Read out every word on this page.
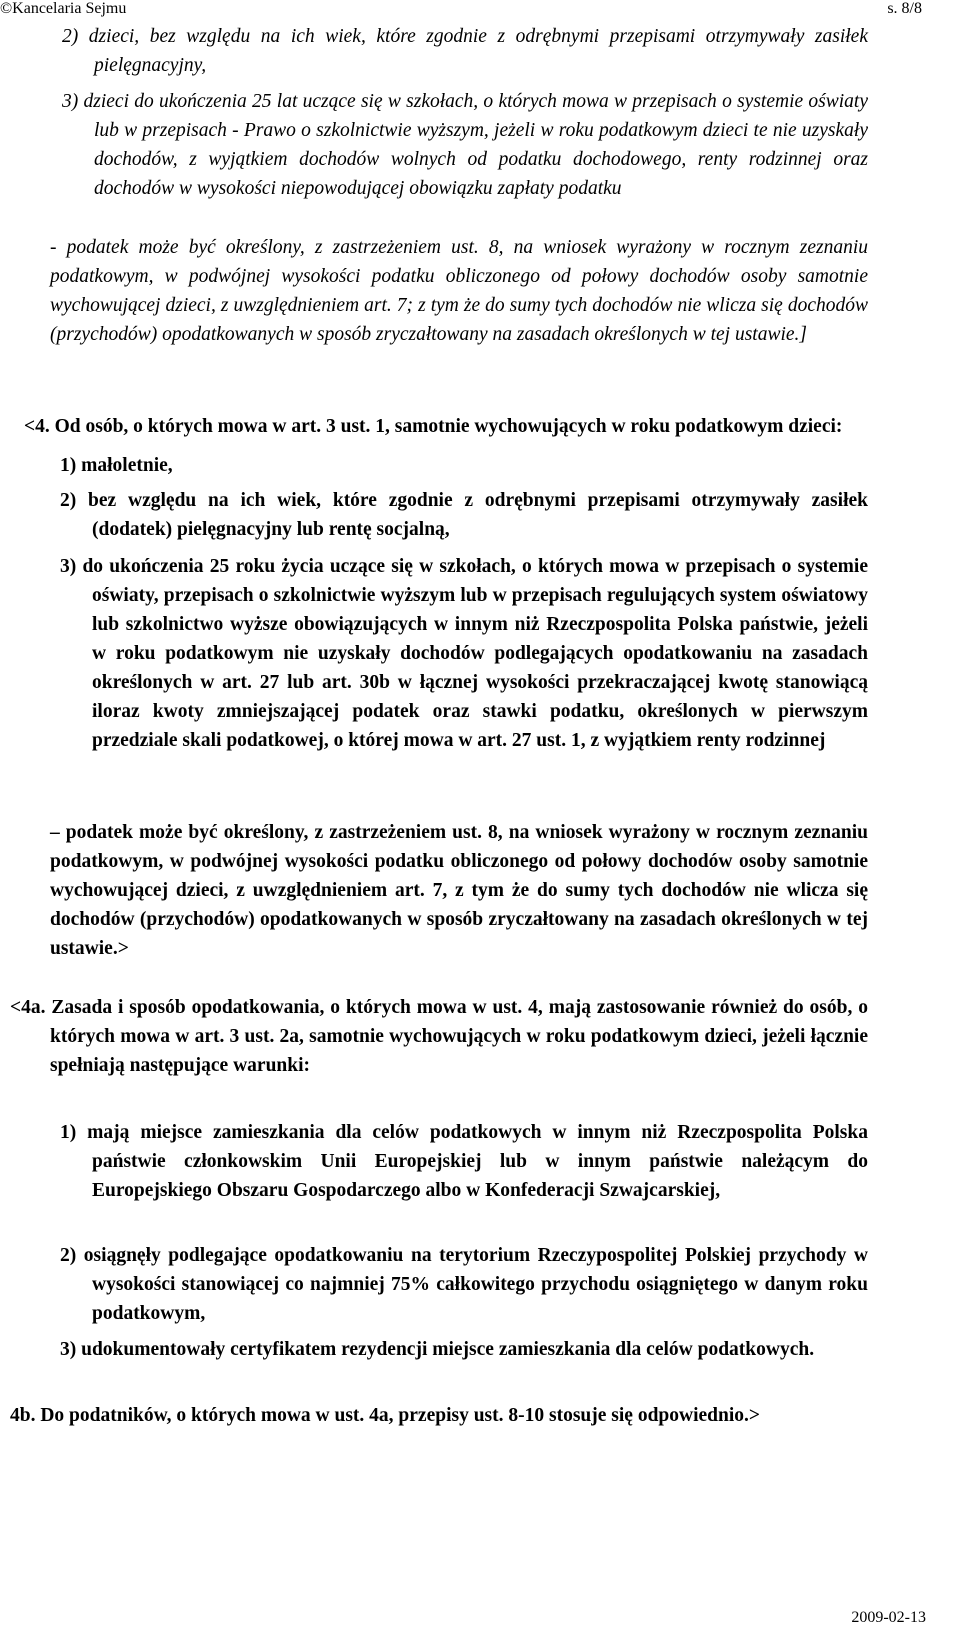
©Kancelaria Sejmu	s. 8/8
2) dzieci, bez względu na ich wiek, które zgodnie z odrębnymi przepisami otrzymywały zasiłek pielęgnacyjny,
3) dzieci do ukończenia 25 lat uczące się w szkołach, o których mowa w przepisach o systemie oświaty lub w przepisach - Prawo o szkolnictwie wyższym, jeżeli w roku podatkowym dzieci te nie uzyskały dochodów, z wyjątkiem dochodów wolnych od podatku dochodowego, renty rodzinnej oraz dochodów w wysokości niepowodującej obowiązku zapłaty podatku
- podatek może być określony, z zastrzeżeniem ust. 8, na wniosek wyrażony w rocznym zeznaniu podatkowym, w podwójnej wysokości podatku obliczonego od połowy dochodów osoby samotnie wychowującej dzieci, z uwzględnieniem art. 7; z tym że do sumy tych dochodów nie wlicza się dochodów (przychodów) opodatkowanych w sposób zryczałtowany na zasadach określonych w tej ustawie.]
<4. Od osób, o których mowa w art. 3 ust. 1, samotnie wychowujących w roku podatkowym dzieci:
1) małoletnie,
2) bez względu na ich wiek, które zgodnie z odrębnymi przepisami otrzymywały zasiłek (dodatek) pielęgnacyjny lub rentę socjalną,
3) do ukończenia 25 roku życia uczące się w szkołach, o których mowa w przepisach o systemie oświaty, przepisach o szkolnictwie wyższym lub w przepisach regulujących system oświatowy lub szkolnictwo wyższe obowiązujących w innym niż Rzeczpospolita Polska państwie, jeżeli w roku podatkowym nie uzyskały dochodów podlegających opodatkowaniu na zasadach określonych w art. 27 lub art. 30b w łącznej wysokości przekraczającej kwotę stanowiącą iloraz kwoty zmniejszającej podatek oraz stawki podatku, określonych w pierwszym przedziale skali podatkowej, o której mowa w art. 27 ust. 1, z wyjątkiem renty rodzinnej
– podatek może być określony, z zastrzeżeniem ust. 8, na wniosek wyrażony w rocznym zeznaniu podatkowym, w podwójnej wysokości podatku obliczonego od połowy dochodów osoby samotnie wychowującej dzieci, z uwzględnieniem art. 7, z tym że do sumy tych dochodów nie wlicza się dochodów (przychodów) opodatkowanych w sposób zryczałtowany na zasadach określonych w tej ustawie.>
<4a. Zasada i sposób opodatkowania, o których mowa w ust. 4, mają zastosowanie również do osób, o których mowa w art. 3 ust. 2a, samotnie wychowujących w roku podatkowym dzieci, jeżeli łącznie spełniają następujące warunki:
1) mają miejsce zamieszkania dla celów podatkowych w innym niż Rzeczpospolita Polska państwie członkowskim Unii Europejskiej lub w innym państwie należącym do Europejskiego Obszaru Gospodarczego albo w Konfederacji Szwajcarskiej,
2) osiągnęły podlegające opodatkowaniu na terytorium Rzeczypospolitej Polskiej przychody w wysokości stanowiącej co najmniej 75% całkowitego przychodu osiągniętego w danym roku podatkowym,
3) udokumentowały certyfikatem rezydencji miejsce zamieszkania dla celów podatkowych.
4b. Do podatników, o których mowa w ust. 4a, przepisy ust. 8-10 stosuje się odpowiednio.>
2009-02-13
